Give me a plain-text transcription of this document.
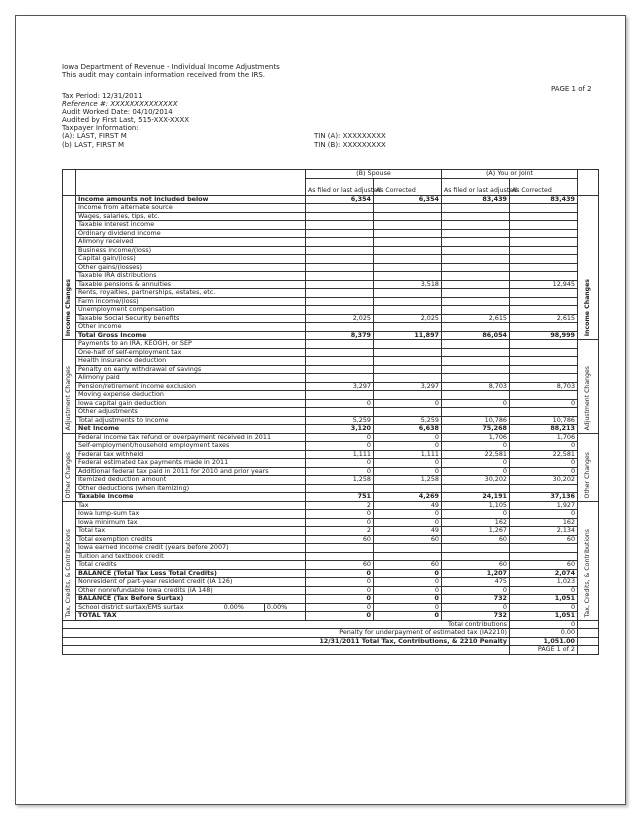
Iowa Department of Revenue - Individual Income Adjustments
This audit may contain information received from the IRS.
PAGE 1 of 2
Tax Period: 12/31/2011
Reference #: XXXXXXXXXXXXXX
Audit Worked Date: 04/10/2014
Audited by First Last, 515-XXX-XXXX
Taxpayer Information:
(A): LAST, FIRST M
(b) LAST, FIRST M
TIN (A): XXXXXXXXX
TIN (B): XXXXXXXXX
		(B) Spouse		(A) You or Joint		
		As filed or last adjusted	As Corrected	As filed or last adjusted	As Corrected	
Income Changes	Income amounts not included below	6,354	6,354	83,439	83,439	Income Changes
	Income from alternate source					
	Wages, salaries, tips, etc.					
	Taxable interest income					
	Ordinary dividend income					
	Alimony received					
	Business income/(loss)					
	Capital gain/(loss)					
	Other gains/(losses)					
	Taxable IRA distributions					
	Taxable pensions & annuities		3,518		12,945	
	Rents, royalties, partnerships, estates, etc.					
	Farm income/(loss)					
	Unemployment compensation					
	Taxable Social Security benefits	2,025	2,025	2,615	2,615	
	Other income					
	Total Gross Income	8,379	11,897	86,054	98,999	
Adjustment Changes	Payments to an IRA, KEOGH, or SEP					Adjustment Changes
	One-half of self-employment tax					
	Health insurance deduction					
	Penalty on early withdrawal of savings					
	Alimony paid					
	Pension/retirement income exclusion	3,297	3,297	8,703	8,703	
	Moving expense deduction					
	Iowa capital gain deduction	0	0	0	0	
	Other adjustments					
	Total adjustments to income	5,259	5,259	10,786	10,786	
	Net Income	3,120	6,638	75,268	88,213	
Other Changes	Federal income tax refund or overpayment received in 2011	0	0	1,706	1,706	Other Changes
	Self-employment/household employment taxes	0	0	0	0	
	Federal tax withheld	1,111	1,111	22,581	22,581	
	Federal estimated tax payments made in 2011	0	0	0	0	
	Additional federal tax paid in 2011 for 2010 and prior years	0	0	0	0	
	Itemized deduction amount	1,258	1,258	30,202	30,202	
	Other deductions (when itemizing)					
	Taxable income	751	4,269	24,191	37,136	
Tax, Credits, & Contributions	Tax	2	49	1,105	1,927	Tax, Credits, & Contributions
	Iowa lump-sum tax	0	0	0	0	
	Iowa minimum tax	0	0	162	162	
	Total tax	2	49	1,267	2,134	
	Total exemption credits	60	60	60	60	
	Iowa earned income credit (years before 2007)					
	Tuition and textbook credit					
	Total credits	60	60	60	60	
	BALANCE (Total Tax Less Total Credits)	0	0	1,207	2,074	
	Nonresident of part-year resident credit (IA 126)	0	0	475	1,023	
	Other nonrefundable Iowa credits (IA 148)	0	0	0	0	
	BALANCE (Tax Before Surtax)	0	0	732	1,051	
	School district surtax/EMS surtax 0.00% 0.00%	0	0	0	0	
	TOTAL TAX	0	0	732	1,051	
Total contributions					0	
Penalty for underpayment of estimated tax (IA2210)					0.00	
12/31/2011 Total Tax, Contributions, & 2210 Penalty					1,051.00	
					PAGE 1 of 2	
